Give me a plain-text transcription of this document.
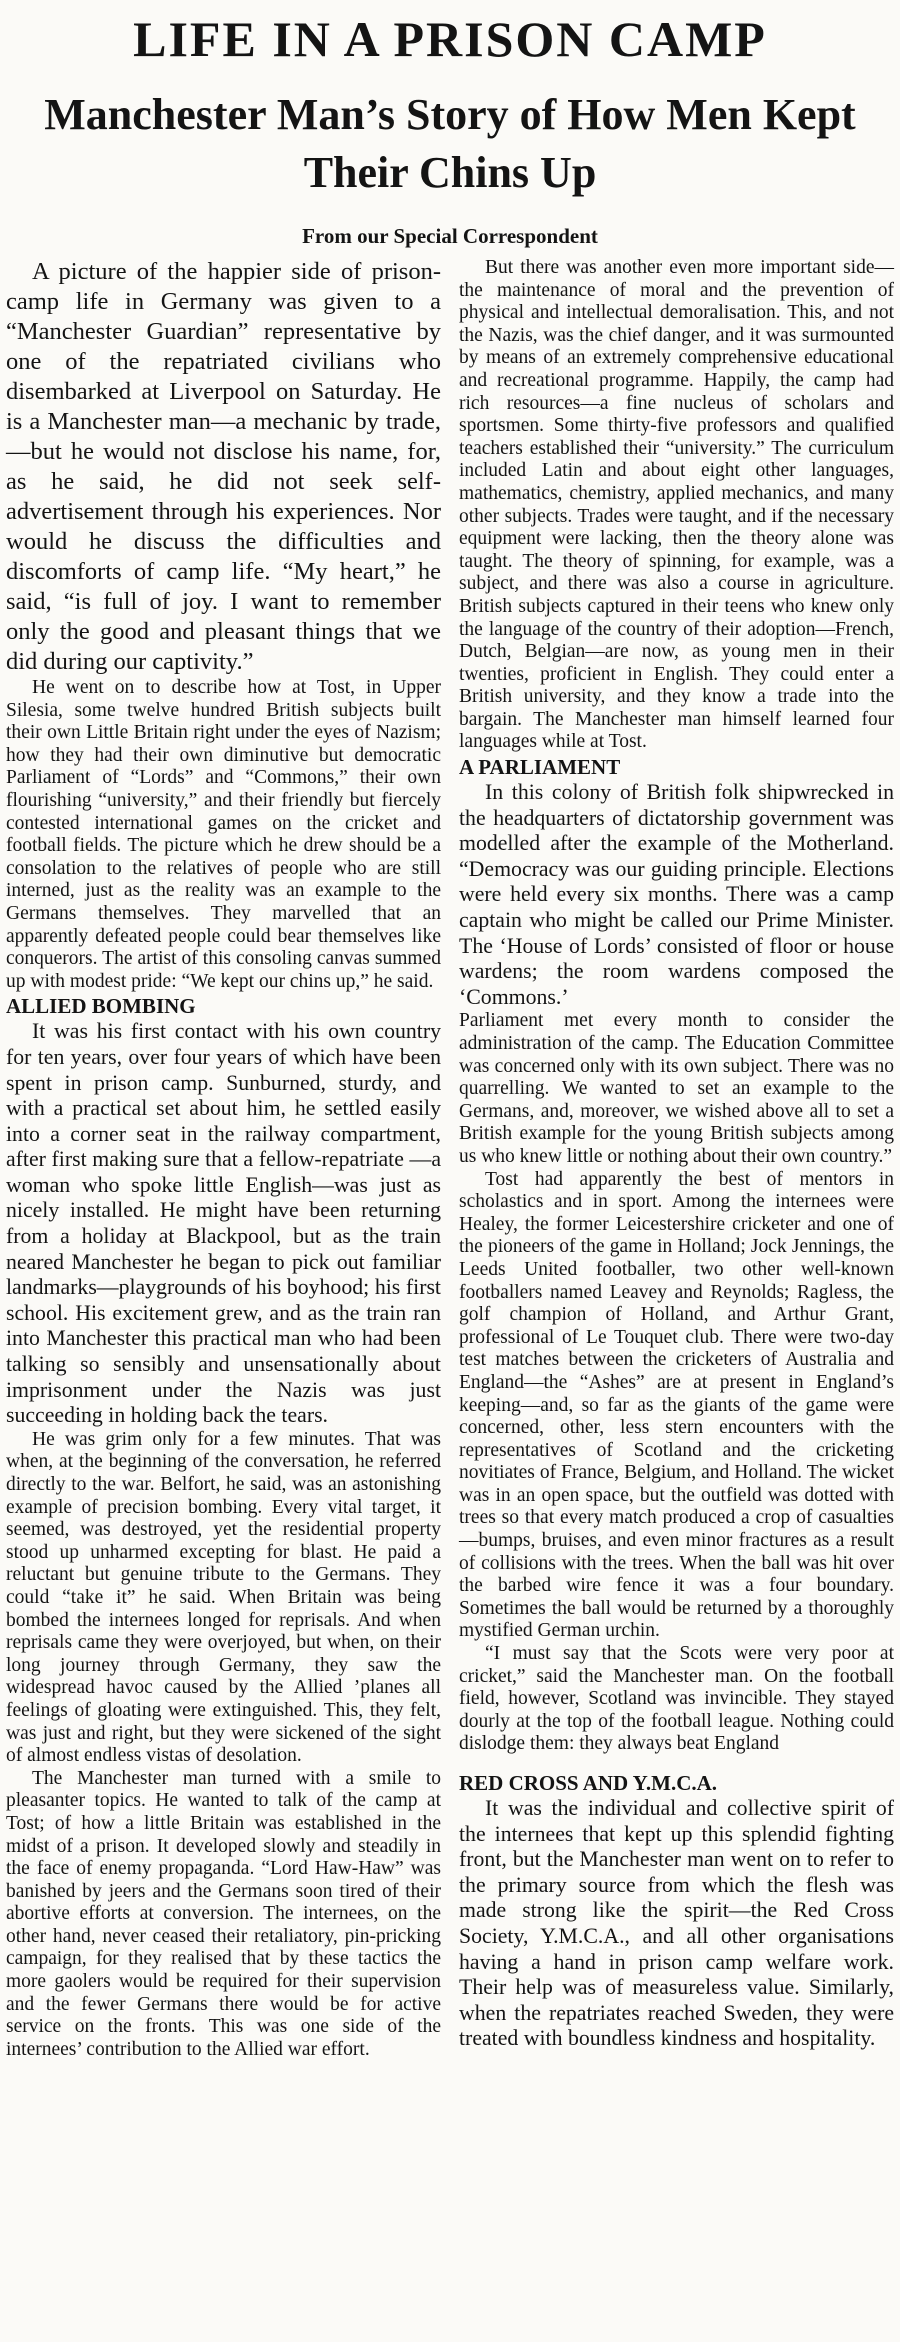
LIFE IN A PRISON CAMP
Manchester Man’s Story of How Men Kept Their Chins Up
From our Special Correspondent

A picture of the happier side of prison-camp life in Germany was given to a “Manchester Guardian” representative by one of the repatriated civilians who disembarked at Liverpool on Saturday. He is a Manchester man—a mechanic by trade,—but he would not disclose his name, for, as he said, he did not seek self-advertisement through his experiences. Nor would he discuss the difficulties and discomforts of camp life. “My heart,” he said, “is full of joy. I want to remember only the good and pleasant things that we did during our captivity.”

He went on to describe how at Tost, in Upper Silesia, some twelve hundred British subjects built their own Little Britain right under the eyes of Nazism; how they had their own diminutive but democratic Parliament of “Lords” and “Commons,” their own flourishing “university,” and their friendly but fiercely contested international games on the cricket and football fields. The picture which he drew should be a consolation to the relatives of people who are still interned, just as the reality was an example to the Germans themselves. They marvelled that an apparently defeated people could bear themselves like conquerors. The artist of this consoling canvas summed up with modest pride: “We kept our chins up,” he said.

ALLIED BOMBING

It was his first contact with his own country for ten years, over four years of which have been spent in prison camp. Sunburned, sturdy, and with a practical set about him, he settled easily into a corner seat in the railway compartment, after first making sure that a fellow-repatriate —a woman who spoke little English—was just as nicely installed. He might have been returning from a holiday at Blackpool, but as the train neared Manchester he began to pick out familiar landmarks—playgrounds of his boyhood; his first school. His excitement grew, and as the train ran into Manchester this practical man who had been talking so sensibly and unsensationally about imprisonment under the Nazis was just succeeding in holding back the tears.

He was grim only for a few minutes. That was when, at the beginning of the conversation, he referred directly to the war. Belfort, he said, was an astonishing example of precision bombing. Every vital target, it seemed, was destroyed, yet the residential property stood up unharmed excepting for blast. He paid a reluctant but genuine tribute to the Germans. They could “take it” he said. When Britain was being bombed the internees longed for reprisals. And when reprisals came they were overjoyed, but when, on their long journey through Germany, they saw the widespread havoc caused by the Allied ’planes all feelings of gloating were extinguished. This, they felt, was just and right, but they were sickened of the sight of almost endless vistas of desolation.

The Manchester man turned with a smile to pleasanter topics. He wanted to talk of the camp at Tost; of how a little Britain was established in the midst of a prison. It developed slowly and steadily in the face of enemy propaganda. “Lord Haw-Haw” was banished by jeers and the Germans soon tired of their abortive efforts at conversion. The internees, on the other hand, never ceased their retaliatory, pin-pricking campaign, for they realised that by these tactics the more gaolers would be required for their supervision and the fewer Germans there would be for active service on the fronts. This was one side of the internees’ contribution to the Allied war effort.

But there was another even more important side—the maintenance of moral and the prevention of physical and intellectual demoralisation. This, and not the Nazis, was the chief danger, and it was surmounted by means of an extremely comprehensive educational and recreational programme. Happily, the camp had rich resources—a fine nucleus of scholars and sportsmen. Some thirty-five professors and qualified teachers established their “university.” The curriculum included Latin and about eight other languages, mathematics, chemistry, applied mechanics, and many other subjects. Trades were taught, and if the necessary equipment were lacking, then the theory alone was taught. The theory of spinning, for example, was a subject, and there was also a course in agriculture. British subjects captured in their teens who knew only the language of the country of their adoption—French, Dutch, Belgian—are now, as young men in their twenties, proficient in English. They could enter a British university, and they know a trade into the bargain. The Manchester man himself learned four languages while at Tost.

A PARLIAMENT

In this colony of British folk shipwrecked in the headquarters of dictatorship government was modelled after the example of the Motherland. “Democracy was our guiding principle. Elections were held every six months. There was a camp captain who might be called our Prime Minister. The ‘House of Lords’ consisted of floor or house wardens; the room wardens composed the ‘Commons.’

Parliament met every month to consider the administration of the camp. The Education Committee was concerned only with its own subject. There was no quarrelling. We wanted to set an example to the Germans, and, moreover, we wished above all to set a British example for the young British subjects among us who knew little or nothing about their own country.”

Tost had apparently the best of mentors in scholastics and in sport. Among the internees were Healey, the former Leicestershire cricketer and one of the pioneers of the game in Holland; Jock Jennings, the Leeds United footballer, two other well-known footballers named Leavey and Reynolds; Ragless, the golf champion of Holland, and Arthur Grant, professional of Le Touquet club. There were two-day test matches between the cricketers of Australia and England—the “Ashes” are at present in England’s keeping—and, so far as the giants of the game were concerned, other, less stern encounters with the representatives of Scotland and the cricketing novitiates of France, Belgium, and Holland. The wicket was in an open space, but the outfield was dotted with trees so that every match produced a crop of casualties—bumps, bruises, and even minor fractures as a result of collisions with the trees. When the ball was hit over the barbed wire fence it was a four boundary. Sometimes the ball would be returned by a thoroughly mystified German urchin.

“I must say that the Scots were very poor at cricket,” said the Manchester man. On the football field, however, Scotland was invincible. They stayed dourly at the top of the football league. Nothing could dislodge them: they always beat England

RED CROSS AND Y.M.C.A.

It was the individual and collective spirit of the internees that kept up this splendid fighting front, but the Manchester man went on to refer to the primary source from which the flesh was made strong like the spirit—the Red Cross Society, Y.M.C.A., and all other organisations having a hand in prison camp welfare work. Their help was of measureless value. Similarly, when the repatriates reached Sweden, they were treated with boundless kindness and hospitality.
